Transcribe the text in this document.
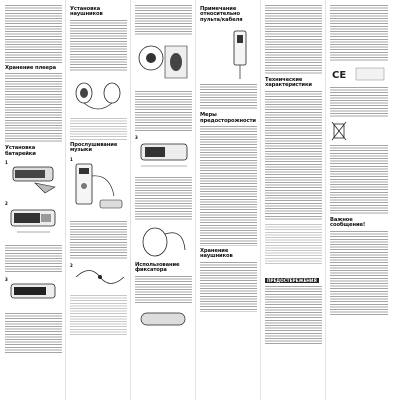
Хранение плеера
Установка батарейки
1
2
3
Установка наушников
Прослушивание музыки
1
2
3
Использование фиксатора
Примечание относительно пульта/кабеля
Меры предосторожности
Хранение наушников
Технические характеристики
ПРЕДОСТЕРЕЖЕНИЯ
CE
Важное сообщение!
